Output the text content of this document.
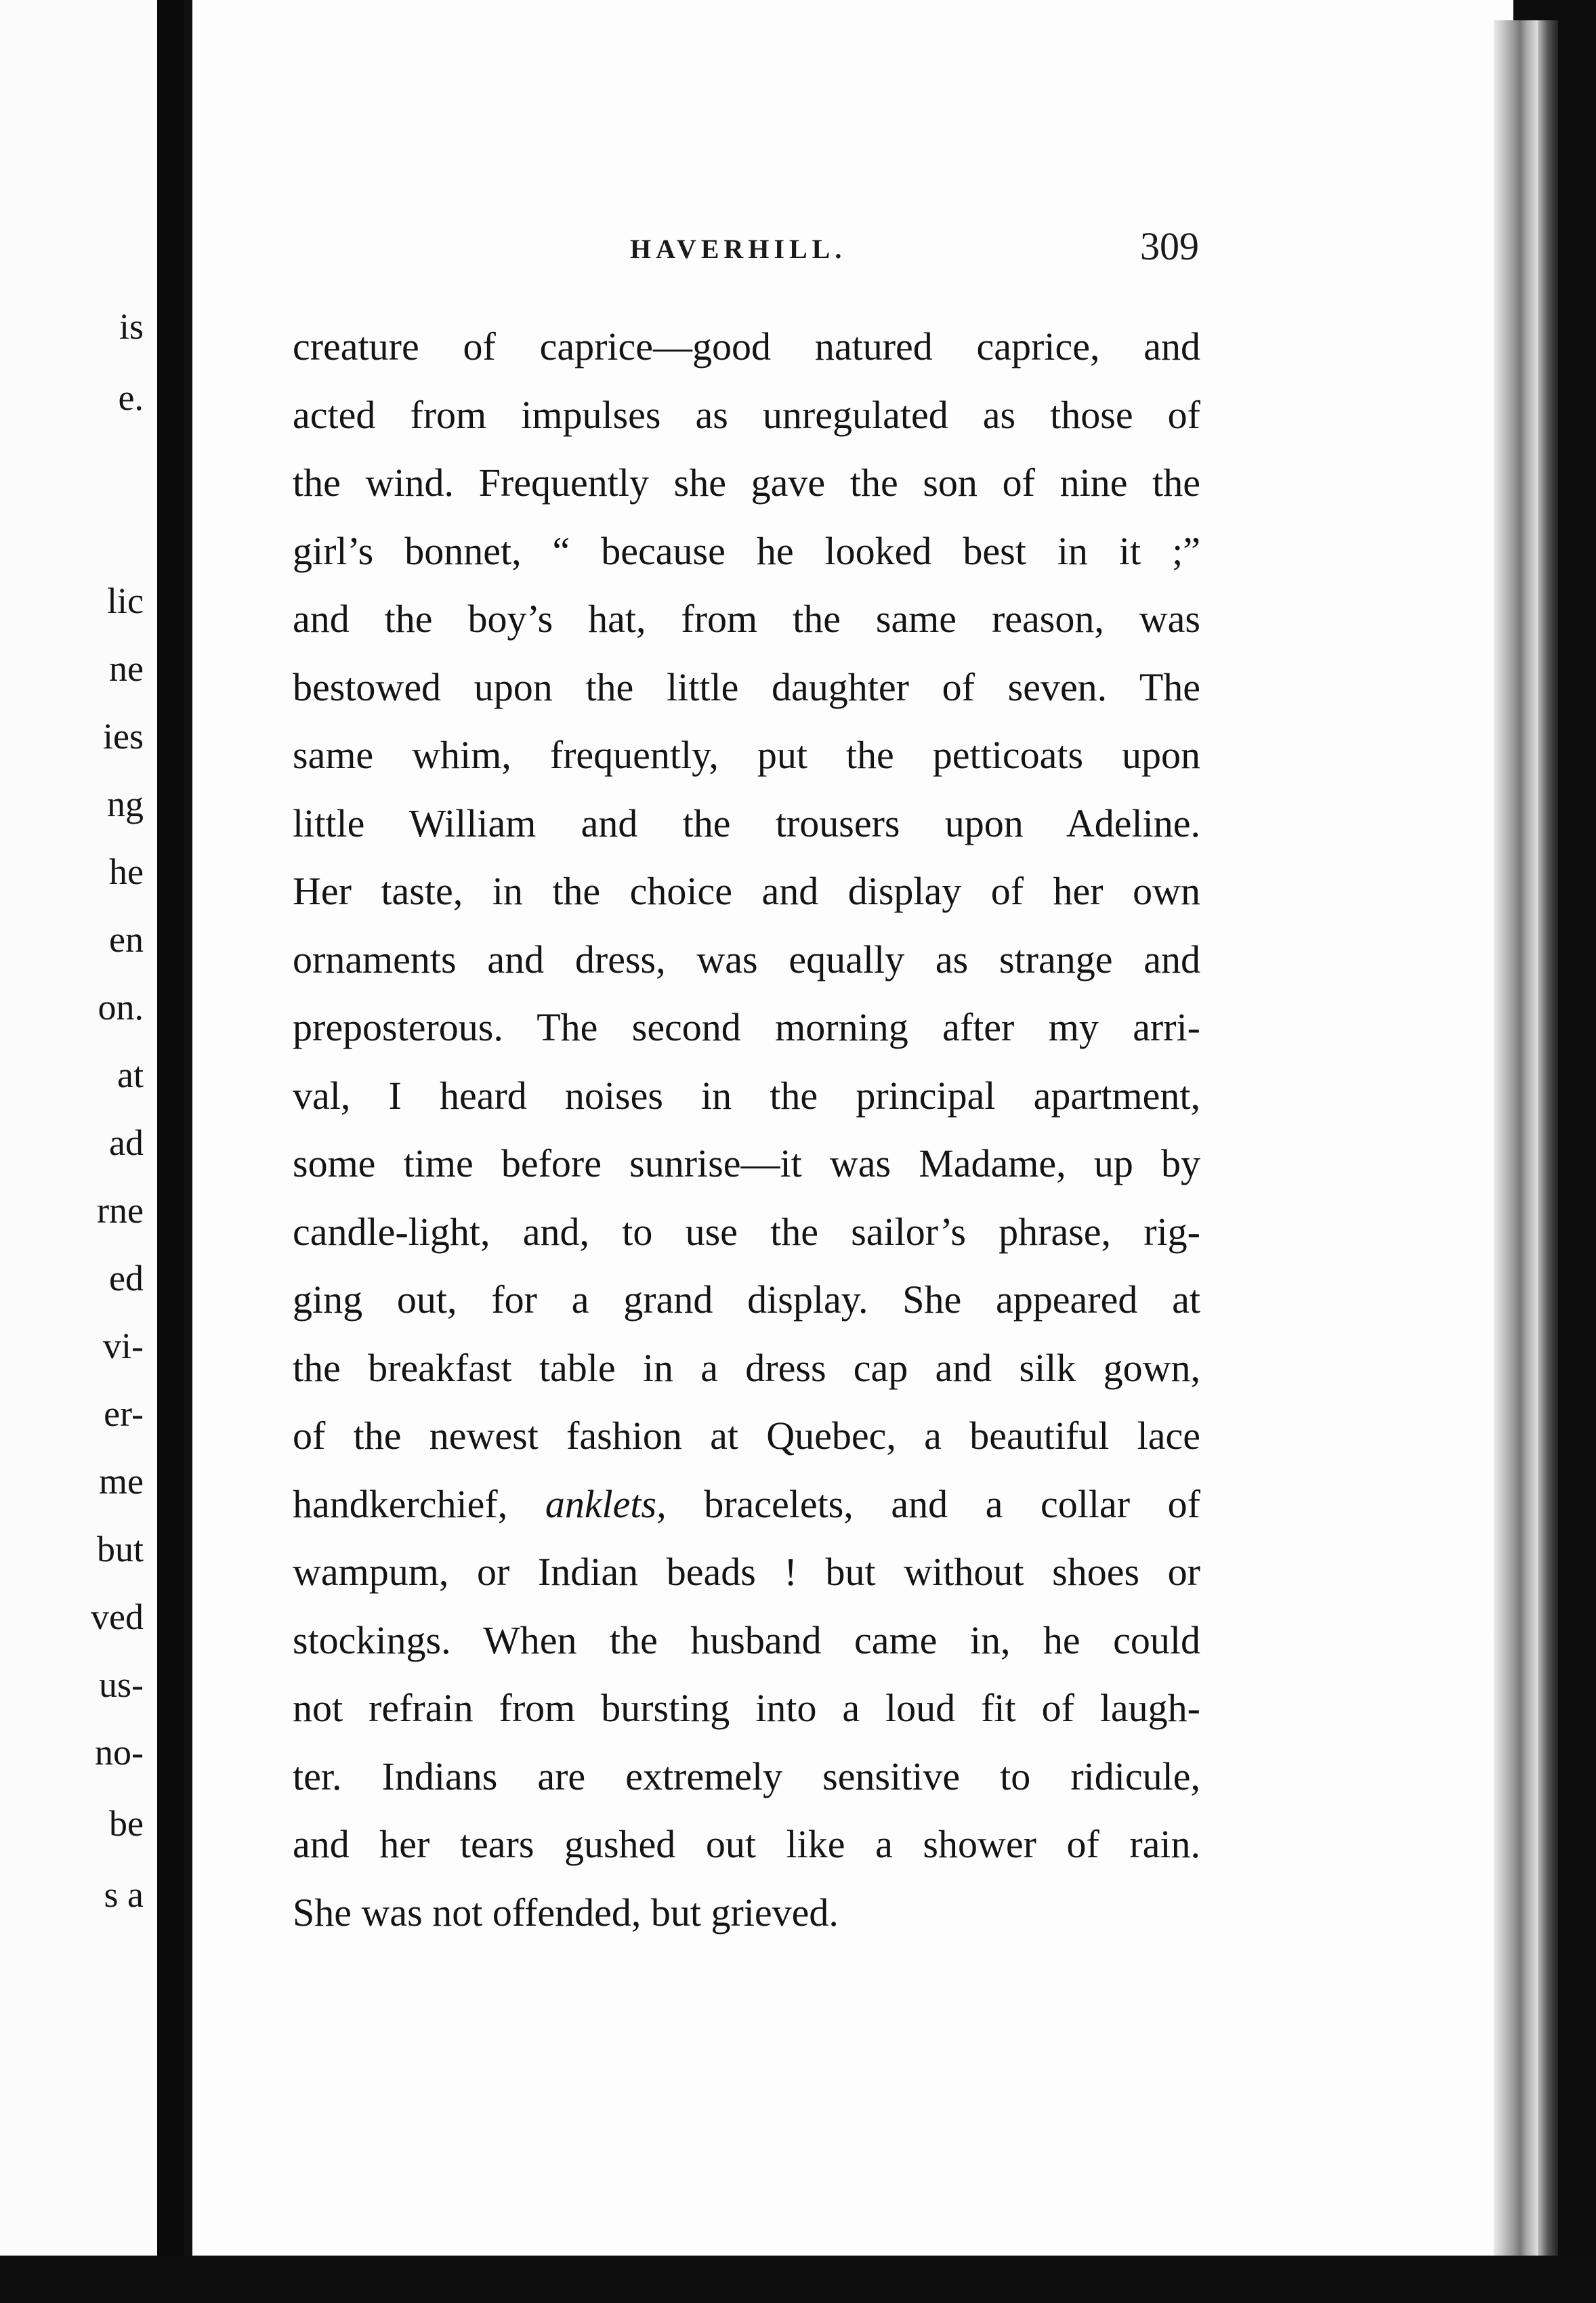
is
e.
lic
ne
ies
ng
he
en
on.
at
ad
rne
ed
vi-
er-
me
but
ved
us-
no-
be
s a
HAVERHILL.	309
creature of caprice—good natured caprice, and
acted from impulses as unregulated as those of
the wind. Frequently she gave the son of nine the
girl’s bonnet, “ because he looked best in it ;”
and the boy’s hat, from the same reason, was
bestowed upon the little daughter of seven. The
same whim, frequently, put the petticoats upon
little William and the trousers upon Adeline.
Her taste, in the choice and display of her own
ornaments and dress, was equally as strange and
preposterous. The second morning after my arri-
val, I heard noises in the principal apartment,
some time before sunrise—it was Madame, up by
candle-light, and, to use the sailor’s phrase, rig-
ging out, for a grand display. She appeared at
the breakfast table in a dress cap and silk gown,
of the newest fashion at Quebec, a beautiful lace
handkerchief, anklets, bracelets, and a collar of
wampum, or Indian beads ! but without shoes or
stockings. When the husband came in, he could
not refrain from bursting into a loud fit of laugh-
ter. Indians are extremely sensitive to ridicule,
and her tears gushed out like a shower of rain.
She was not offended, but grieved.
